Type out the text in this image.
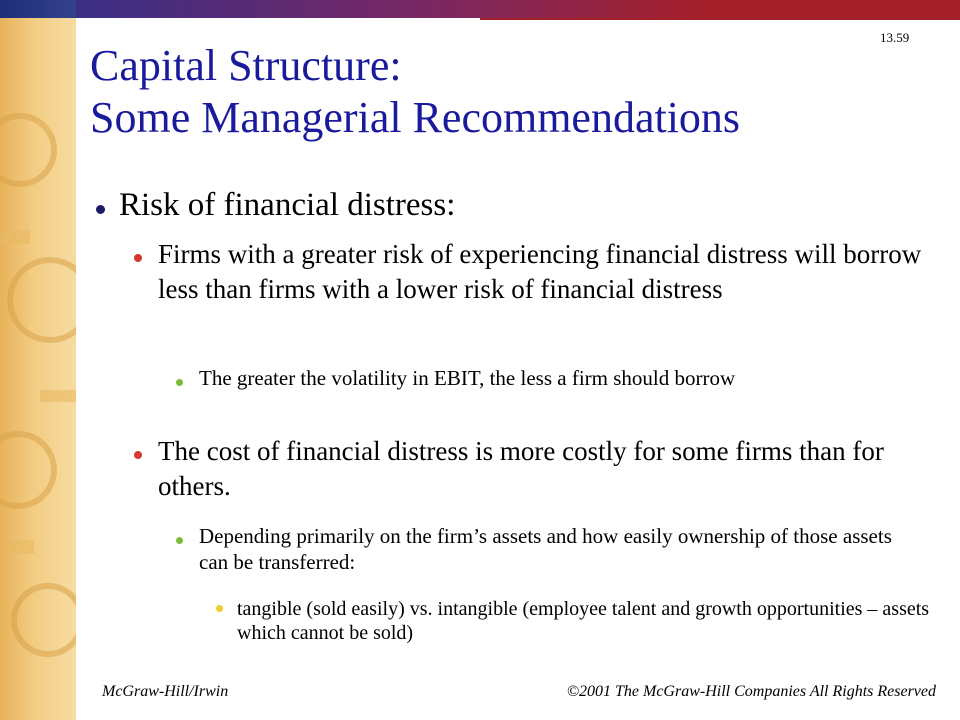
13.59
Capital Structure:
Some Managerial Recommendations
Risk of financial distress:
Firms with a greater risk of experiencing financial distress will borrow less than firms with a lower risk of financial distress
The greater the volatility in EBIT, the less a firm should borrow
The cost of financial distress is more costly for some firms than for others.
Depending primarily on the firm’s assets and how easily ownership of those assets can be transferred:
tangible (sold easily) vs. intangible (employee talent and growth opportunities – assets which cannot be sold)
McGraw-Hill/Irwin	©2001 The McGraw-Hill Companies All Rights Reserved
